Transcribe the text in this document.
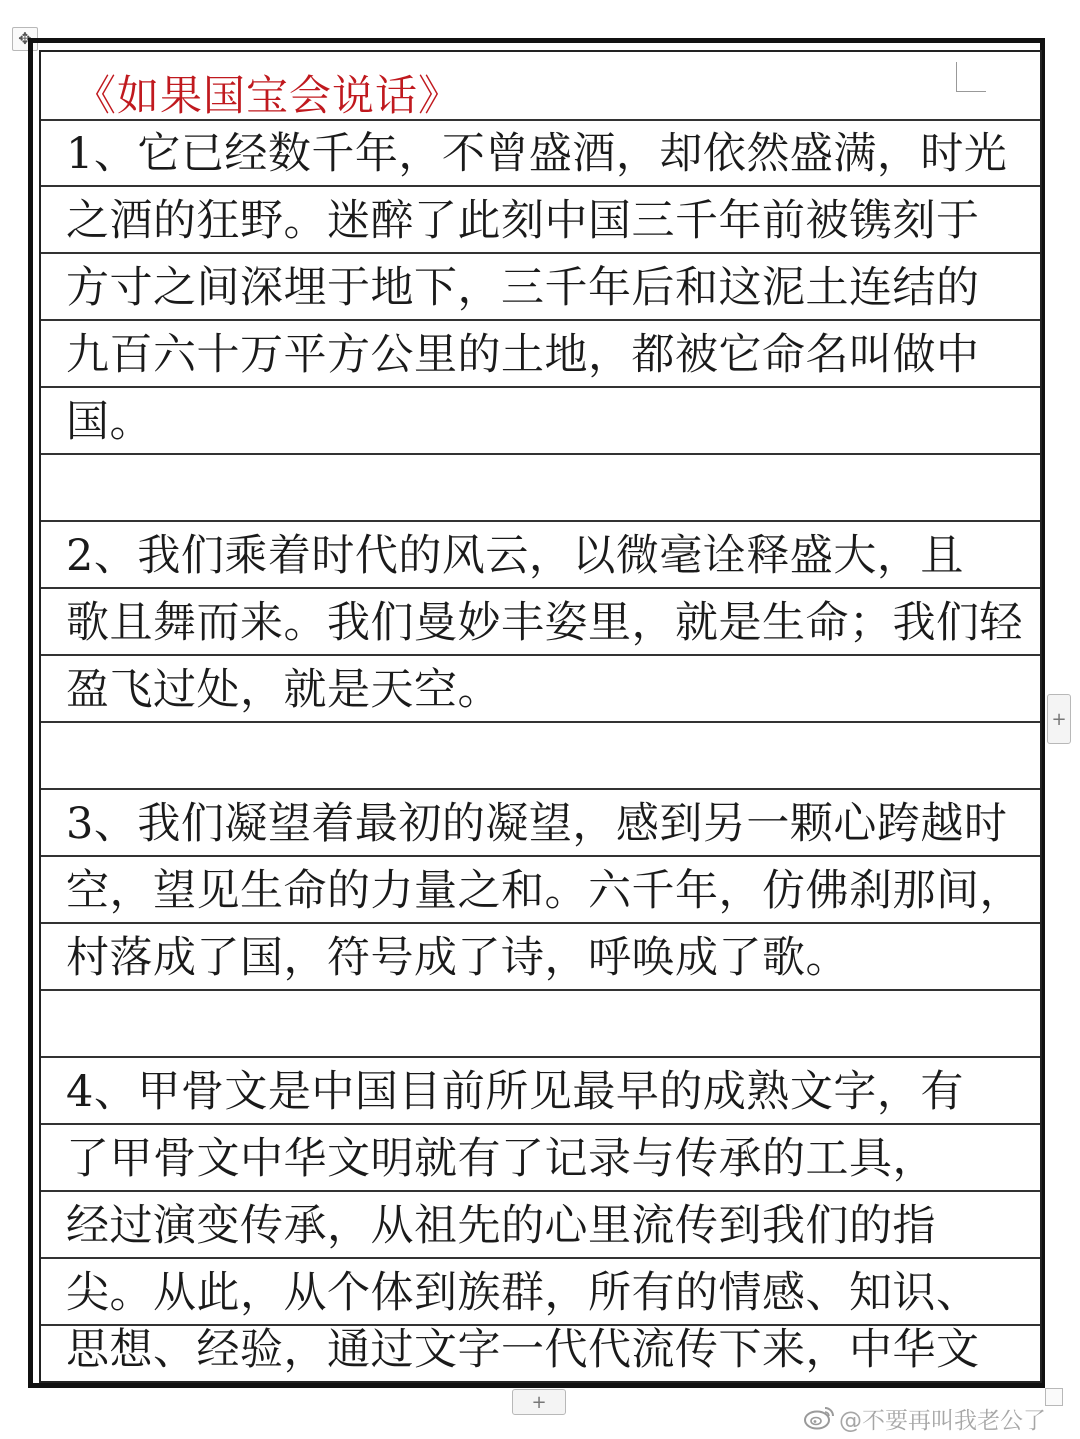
✥
《如果国宝会说话》
1、它已经数千年，不曾盛酒，却依然盛满，时光
之酒的狂野。迷醉了此刻中国三千年前被镌刻于
方寸之间深埋于地下，三千年后和这泥土连结的
九百六十万平方公里的土地，都被它命名叫做中
国。
2、我们乘着时代的风云，以微毫诠释盛大，且
歌且舞而来。我们曼妙丰姿里，就是生命；我们轻
盈飞过处，就是天空。
3、我们凝望着最初的凝望，感到另一颗心跨越时
空，望见生命的力量之和。六千年，仿佛刹那间，
村落成了国，符号成了诗，呼唤成了歌。
4、甲骨文是中国目前所见最早的成熟文字，有
了甲骨文中华文明就有了记录与传承的工具，
经过演变传承，从祖先的心里流传到我们的指
尖。从此，从个体到族群，所有的情感、知识、
思想、经验，通过文字一代代流传下来，中华文
+
+
@不要再叫我老公了
